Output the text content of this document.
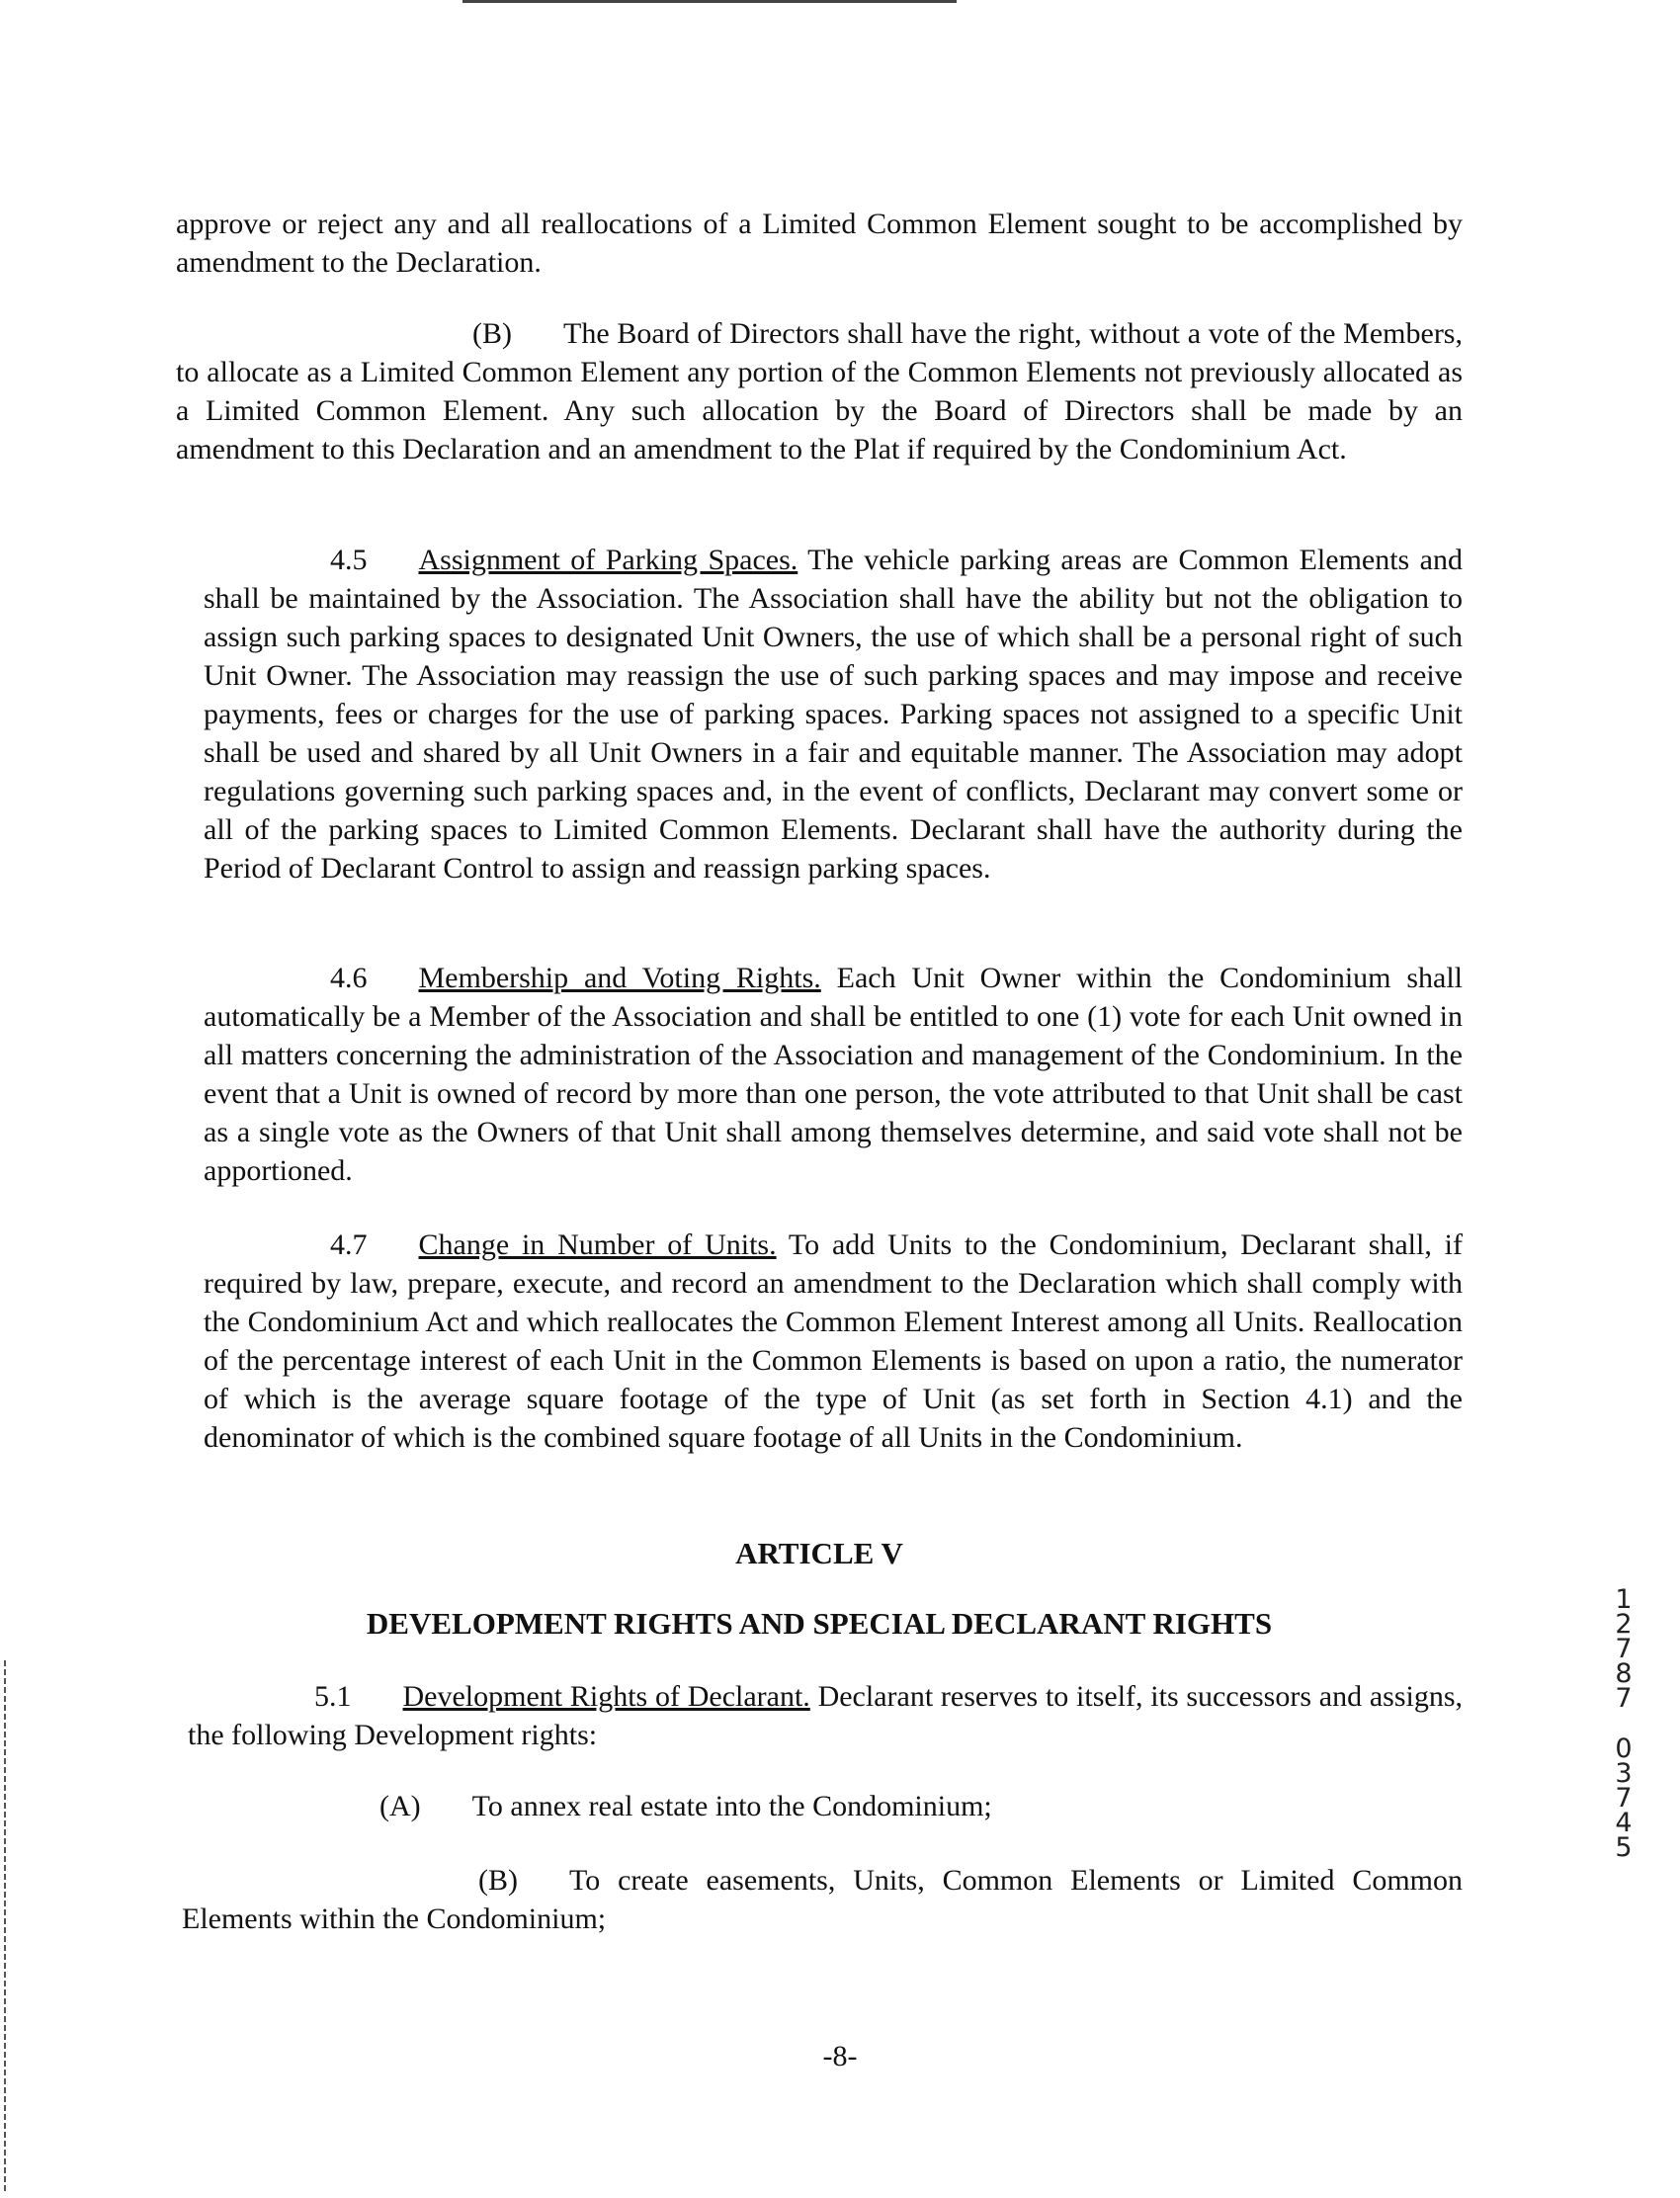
approve or reject any and all reallocations of a Limited Common Element sought to be accomplished by amendment to the Declaration.

(B) The Board of Directors shall have the right, without a vote of the Members, to allocate as a Limited Common Element any portion of the Common Elements not previously allocated as a Limited Common Element. Any such allocation by the Board of Directors shall be made by an amendment to this Declaration and an amendment to the Plat if required by the Condominium Act.

4.5 Assignment of Parking Spaces. The vehicle parking areas are Common Elements and shall be maintained by the Association. The Association shall have the ability but not the obligation to assign such parking spaces to designated Unit Owners, the use of which shall be a personal right of such Unit Owner. The Association may reassign the use of such parking spaces and may impose and receive payments, fees or charges for the use of parking spaces. Parking spaces not assigned to a specific Unit shall be used and shared by all Unit Owners in a fair and equitable manner. The Association may adopt regulations governing such parking spaces and, in the event of conflicts, Declarant may convert some or all of the parking spaces to Limited Common Elements. Declarant shall have the authority during the Period of Declarant Control to assign and reassign parking spaces.

4.6 Membership and Voting Rights. Each Unit Owner within the Condominium shall automatically be a Member of the Association and shall be entitled to one (1) vote for each Unit owned in all matters concerning the administration of the Association and management of the Condominium. In the event that a Unit is owned of record by more than one person, the vote attributed to that Unit shall be cast as a single vote as the Owners of that Unit shall among themselves determine, and said vote shall not be apportioned.

4.7 Change in Number of Units. To add Units to the Condominium, Declarant shall, if required by law, prepare, execute, and record an amendment to the Declaration which shall comply with the Condominium Act and which reallocates the Common Element Interest among all Units. Reallocation of the percentage interest of each Unit in the Common Elements is based on upon a ratio, the numerator of which is the average square footage of the type of Unit (as set forth in Section 4.1) and the denominator of which is the combined square footage of all Units in the Condominium.

ARTICLE V
DEVELOPMENT RIGHTS AND SPECIAL DECLARANT RIGHTS

5.1 Development Rights of Declarant. Declarant reserves to itself, its successors and assigns, the following Development rights:

(A) To annex real estate into the Condominium;

(B) To create easements, Units, Common Elements or Limited Common Elements within the Condominium;

-8-
12787
03745
